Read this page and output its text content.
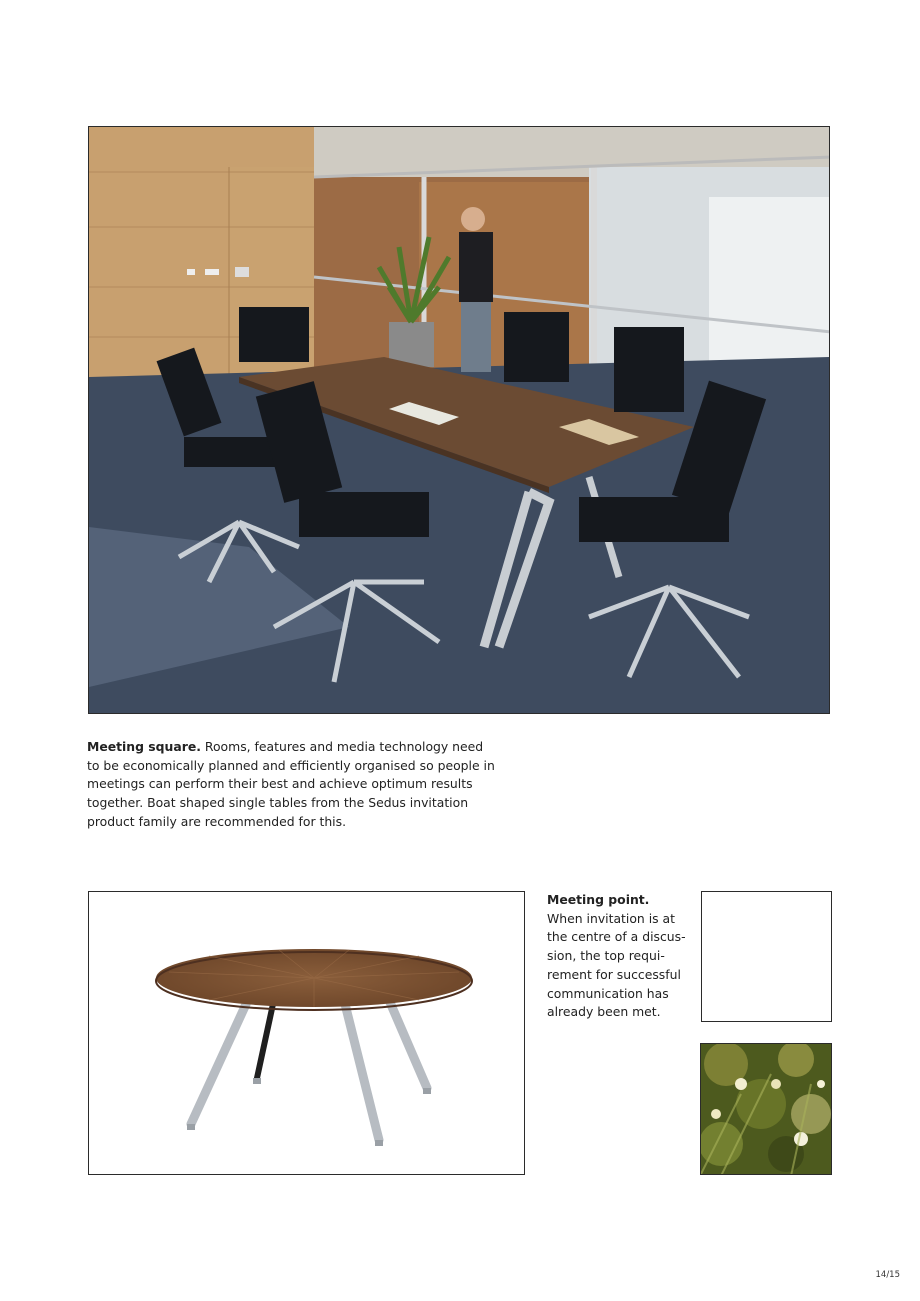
Meeting square. Rooms, features and media technology need to be economically planned and efficiently organised so people in meetings can perform their best and achieve optimum results together. Boat shaped single tables from the Sedus invitation product family are recommended for this.
Meeting point.
When invitation is at the centre of a discus-sion, the top requi-rement for successful communication has already been met.
14/15
